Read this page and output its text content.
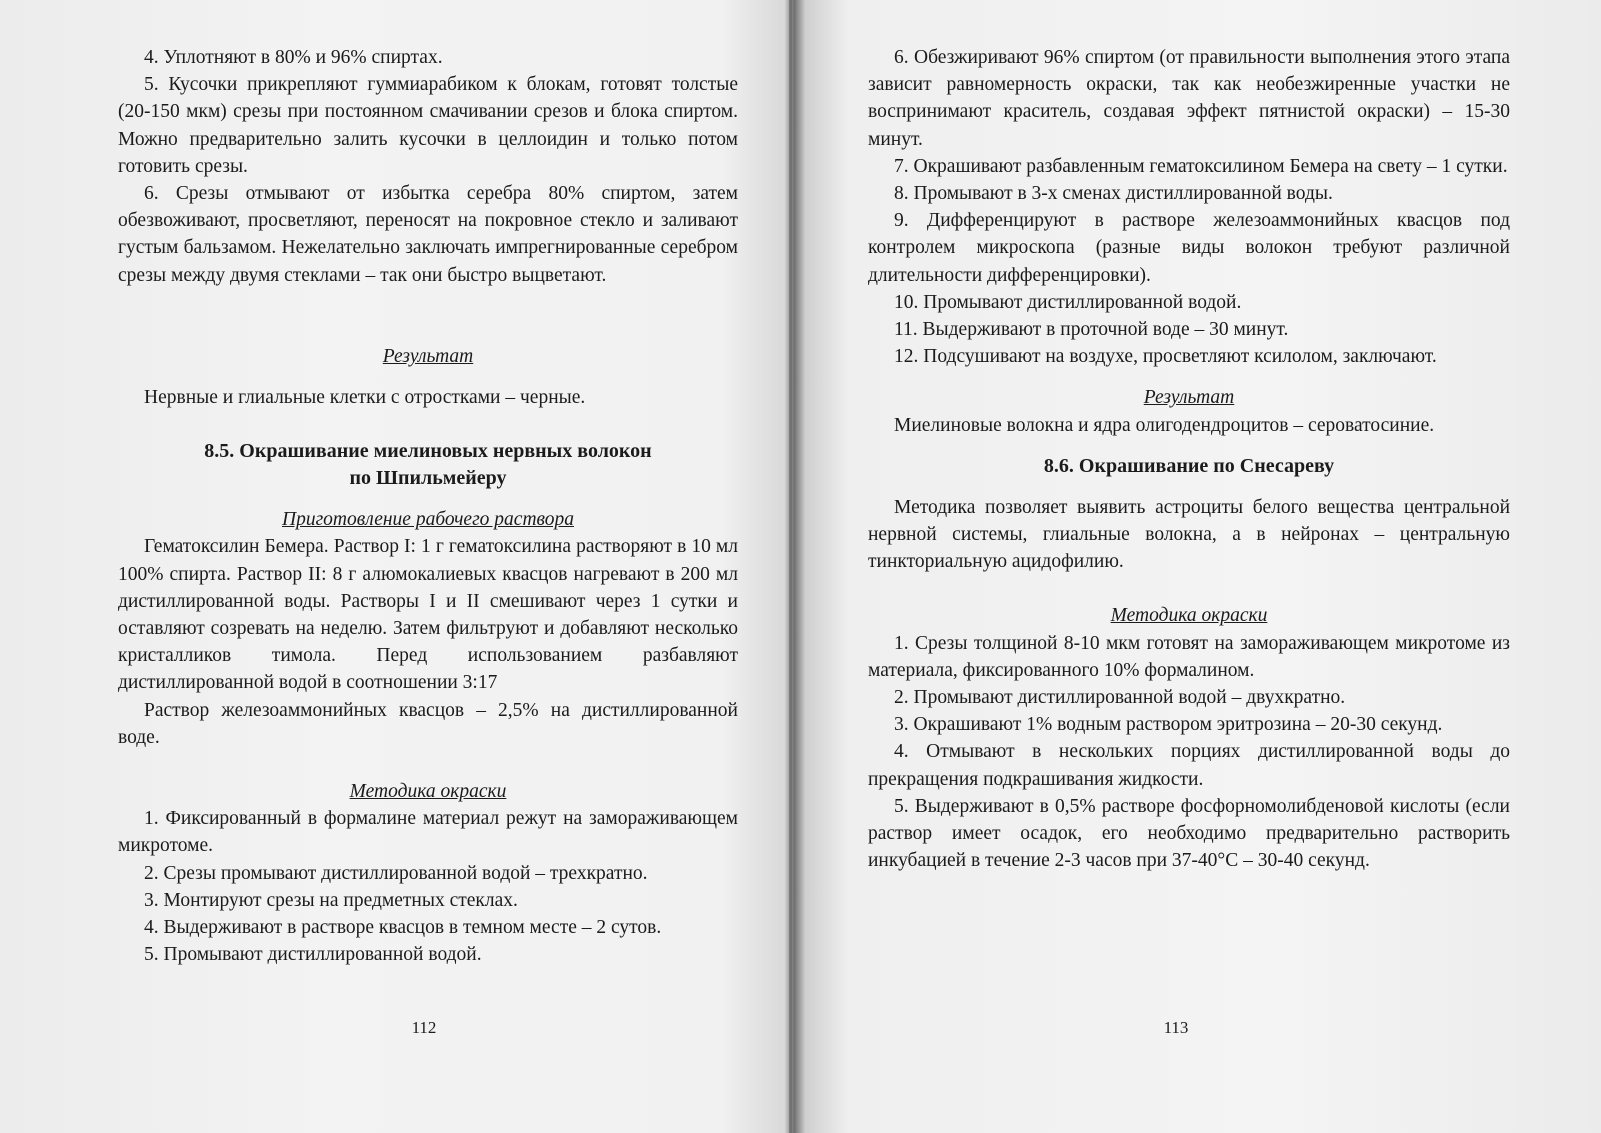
4. Уплотняют в 80% и 96% спиртах.

5. Кусочки прикрепляют гуммиарабиком к блокам, готовят толстые (20-150 мкм) срезы при постоянном смачивании срезов и блока спиртом. Можно предварительно залить кусочки в целлоидин и только потом готовить срезы.

6. Срезы отмывают от избытка серебра 80% спиртом, затем обезвоживают, просветляют, переносят на покровное стекло и заливают густым бальзамом. Нежелательно заключать импрегнированные серебром срезы между двумя стеклами – так они быстро выцветают.

Результат

Нервные и глиальные клетки с отростками – черные.

8.5. Окрашивание миелиновых нервных волокон

по Шпильмейеру

Приготовление рабочего раствора

Гематоксилин Бемера. Раствор I: 1 г гематоксилина растворяют в 10 мл 100% спирта. Раствор II: 8 г алюмокалиевых квасцов нагревают в 200 мл дистиллированной воды. Растворы I и II смешивают через 1 сутки и оставляют созревать на неделю. Затем фильтруют и добавляют несколько кристалликов тимола. Перед использованием разбавляют дистиллированной водой в соотношении 3:17

Раствор железоаммонийных квасцов – 2,5% на дистиллированной воде.

Методика окраски

1. Фиксированный в формалине материал режут на замораживающем микротоме.

2. Срезы промывают дистиллированной водой – трехкратно.

3. Монтируют срезы на предметных стеклах.

4. Выдерживают в растворе квасцов в темном месте – 2 сутов.

5. Промывают дистиллированной водой.

112

6. Обезжиривают 96% спиртом (от правильности выполнения этого этапа зависит равномерность окраски, так как необезжиренные участки не воспринимают краситель, создавая эффект пятнистой окраски) – 15-30 минут.

7. Окрашивают разбавленным гематоксилином Бемера на свету – 1 сутки.

8. Промывают в 3-х сменах дистиллированной воды.

9. Дифференцируют в растворе железоаммонийных квасцов под контролем микроскопа (разные виды волокон требуют различной длительности дифференцировки).

10. Промывают дистиллированной водой.

11. Выдерживают в проточной воде – 30 минут.

12. Подсушивают на воздухе, просветляют ксилолом, заключают.

Результат

Миелиновые волокна и ядра олигодендроцитов – сероватосиние.

8.6. Окрашивание по Снесареву

Методика позволяет выявить астроциты белого вещества центральной нервной системы, глиальные волокна, а в нейронах – центральную тинкториальную ацидофилию.

Методика окраски

1. Срезы толщиной 8-10 мкм готовят на замораживающем микротоме из материала, фиксированного 10% формалином.

2. Промывают дистиллированной водой – двухкратно.

3. Окрашивают 1% водным раствором эритрозина – 20-30 секунд.

4. Отмывают в нескольких порциях дистиллированной воды до прекращения подкрашивания жидкости.

5. Выдерживают в 0,5% растворе фосфорномолибденовой кислоты (если раствор имеет осадок, его необходимо предварительно растворить инкубацией в течение 2-3 часов при 37-40°С – 30-40 секунд.

113
